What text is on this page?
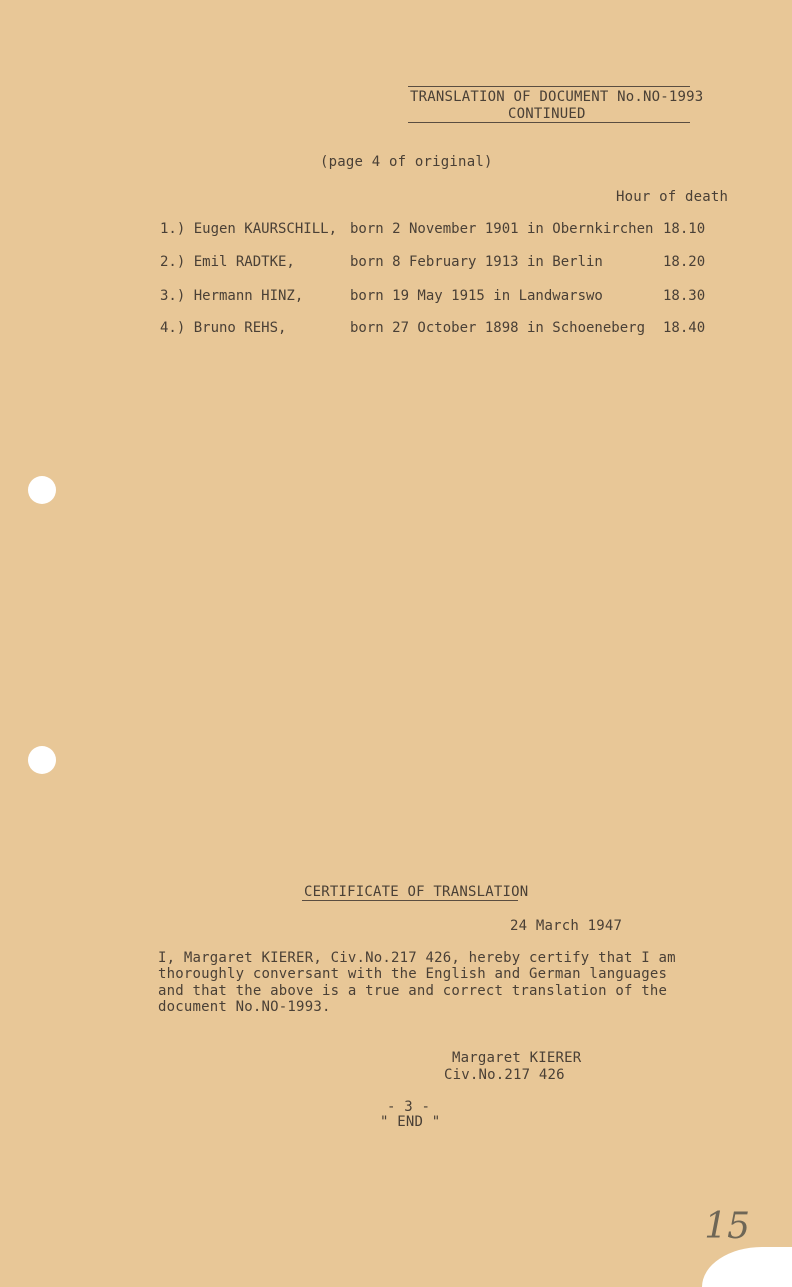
TRANSLATION OF DOCUMENT No.NO-1993
CONTINUED
(page 4 of original)
Hour of death
1.) Eugen KAURSCHILL, born 2 November 1901 in Obernkirchen 18.10
2.) Emil RADTKE,	born 8 February 1913 in Berlin	18.20
3.) Hermann HINZ,	born 19 May 1915 in Landwarswo	18.30
4.) Bruno REHS,	born 27 October 1898 in Schoeneberg 18.40
CERTIFICATE OF TRANSLATION
24 March 1947
I, Margaret KIERER, Civ.No.217 426, hereby certify that I am
thoroughly conversant with the English and German languages
and that the above is a true and correct translation of the
document No.NO-1993.
Margaret KIERER
Civ.No.217 426
- 3 -
" END "
15
